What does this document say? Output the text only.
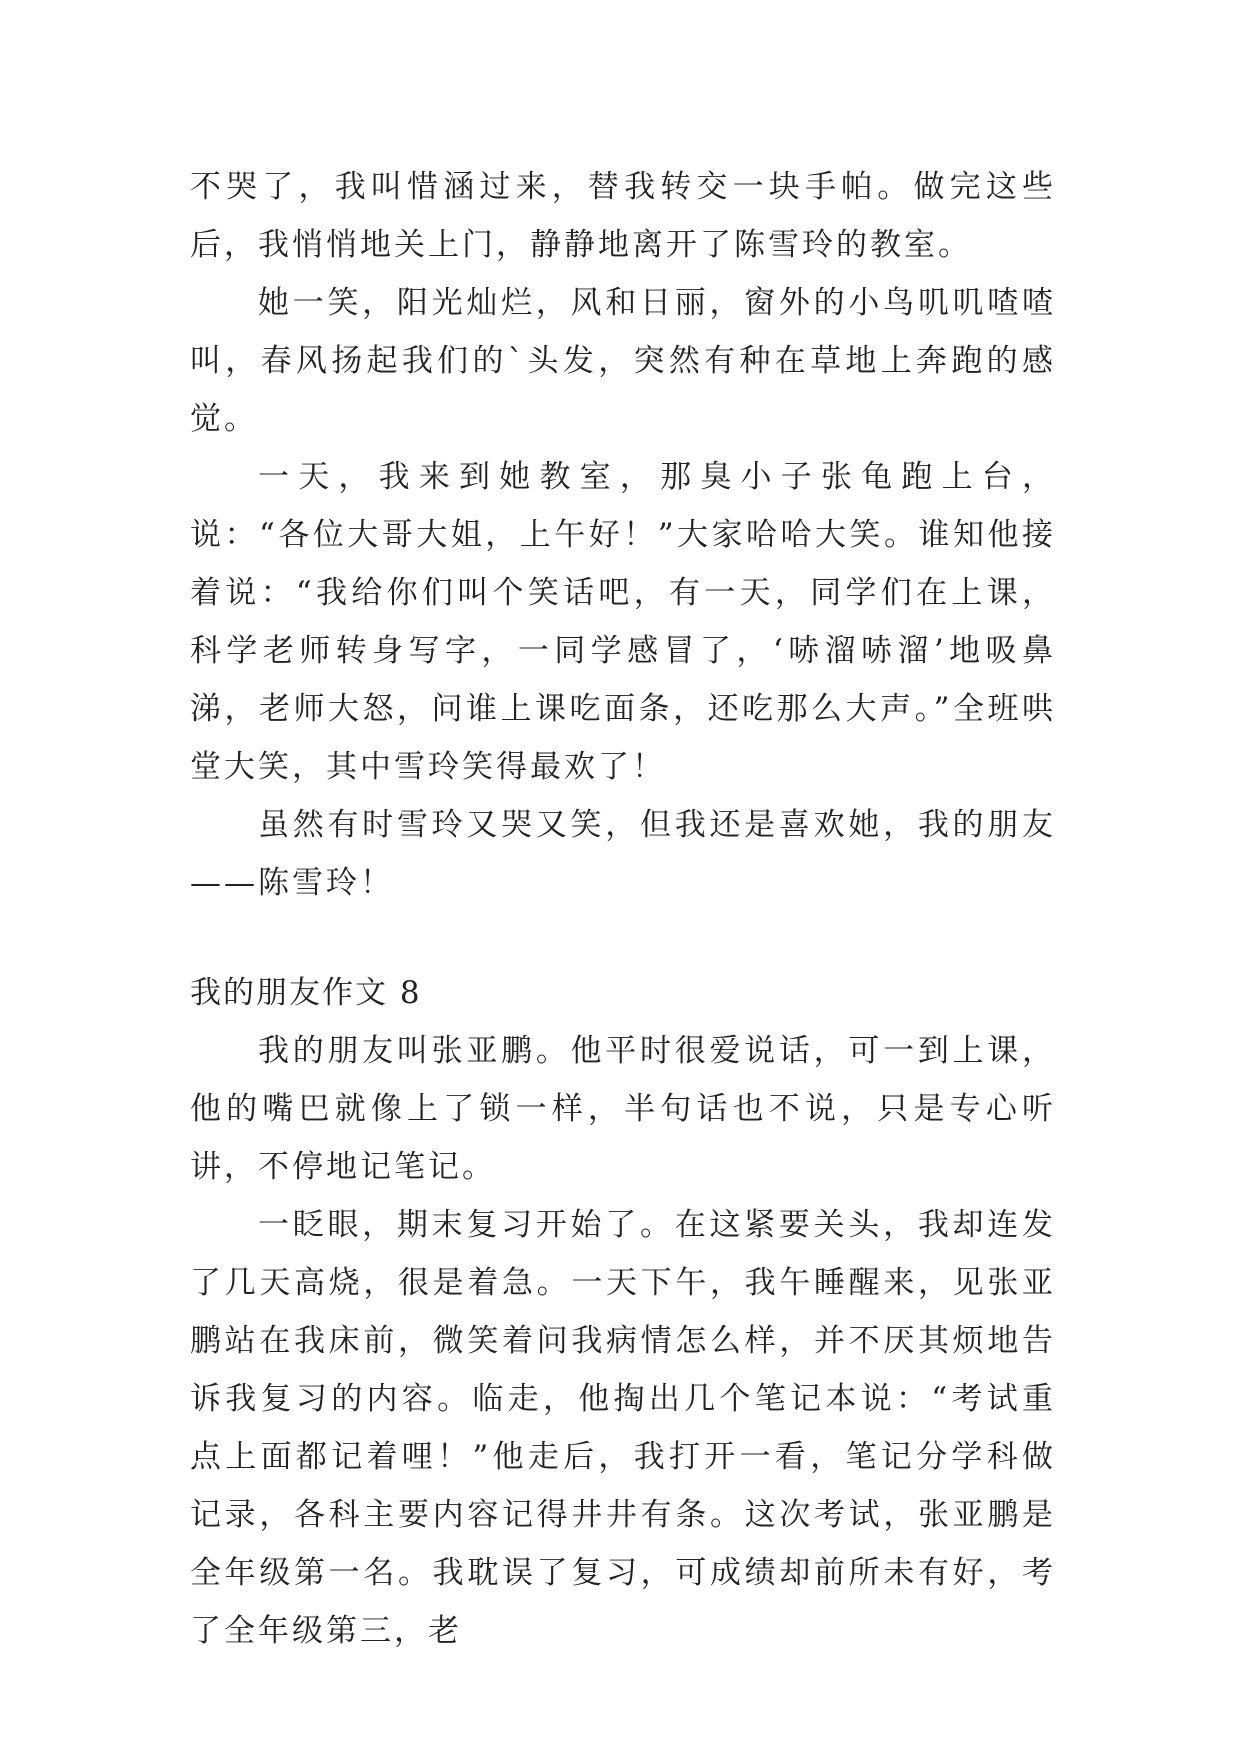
不哭了，我叫惜涵过来，替我转交一块手帕。做完这些后，我悄悄地关上门，静静地离开了陈雪玲的教室。

她一笑，阳光灿烂，风和日丽，窗外的小鸟叽叽喳喳叫，春风扬起我们的`头发，突然有种在草地上奔跑的感觉。

一天，我来到她教室，那臭小子张龟跑上台，说：“各位大哥大姐，上午好！”大家哈哈大笑。谁知他接着说：“我给你们叫个笑话吧，有一天，同学们在上课，科学老师转身写字，一同学感冒了，‘哧溜哧溜’地吸鼻涕，老师大怒，问谁上课吃面条，还吃那么大声。”全班哄堂大笑，其中雪玲笑得最欢了！

虽然有时雪玲又哭又笑，但我还是喜欢她，我的朋友——陈雪玲！

我的朋友作文 8

我的朋友叫张亚鹏。他平时很爱说话，可一到上课，他的嘴巴就像上了锁一样，半句话也不说，只是专心听讲，不停地记笔记。

一眨眼，期末复习开始了。在这紧要关头，我却连发了几天高烧，很是着急。一天下午，我午睡醒来，见张亚鹏站在我床前，微笑着问我病情怎么样，并不厌其烦地告诉我复习的内容。临走，他掏出几个笔记本说：“考试重点上面都记着哩！”他走后，我打开一看，笔记分学科做记录，各科主要内容记得井井有条。这次考试，张亚鹏是全年级第一名。我耽误了复习，可成绩却前所未有好，考了全年级第三，老
